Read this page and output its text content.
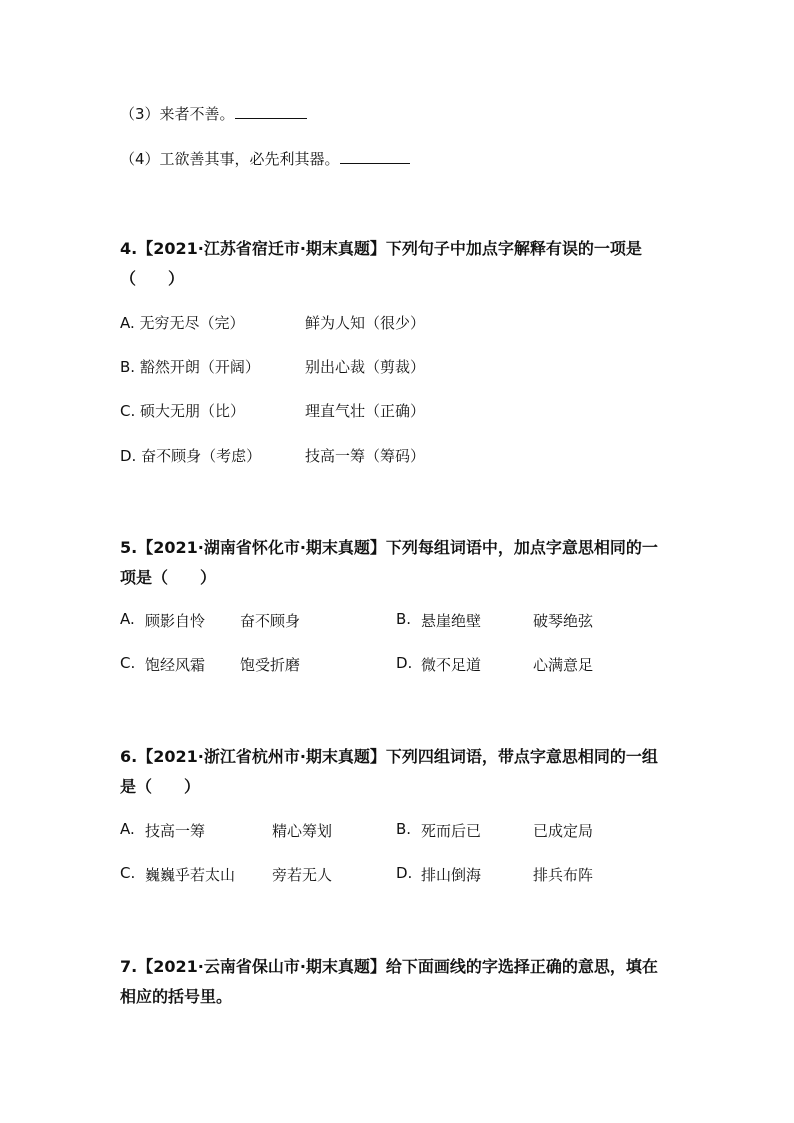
（3）来者不善。
（4）工欲善其事，必先利其器。
4.【2021·江苏省宿迁市·期末真题】下列句子中加点字解释有误的一项是
（　　）
A. 无穷无尽（完）	鲜为人知（很少）
B. 豁然开朗（开阔）	别出心裁（剪裁）
C. 硕大无朋（比）	理直气壮（正确）
D. 奋不顾身（考虑）	技高一筹（筹码）
5.【2021·湖南省怀化市·期末真题】下列每组词语中，加点字意思相同的一
项是（　　）
A. 顾影自怜 奋不顾身	B. 悬崖绝壁	破琴绝弦
C. 饱经风霜 饱受折磨	D. 微不足道	心满意足
6.【2021·浙江省杭州市·期末真题】下列四组词语，带点字意思相同的一组
是（　　）
A. 技高一筹	精心筹划	B. 死而后已	已成定局
C. 巍巍乎若太山 旁若无人	D. 排山倒海	排兵布阵
7.【2021·云南省保山市·期末真题】给下面画线的字选择正确的意思，填在
相应的括号里。
